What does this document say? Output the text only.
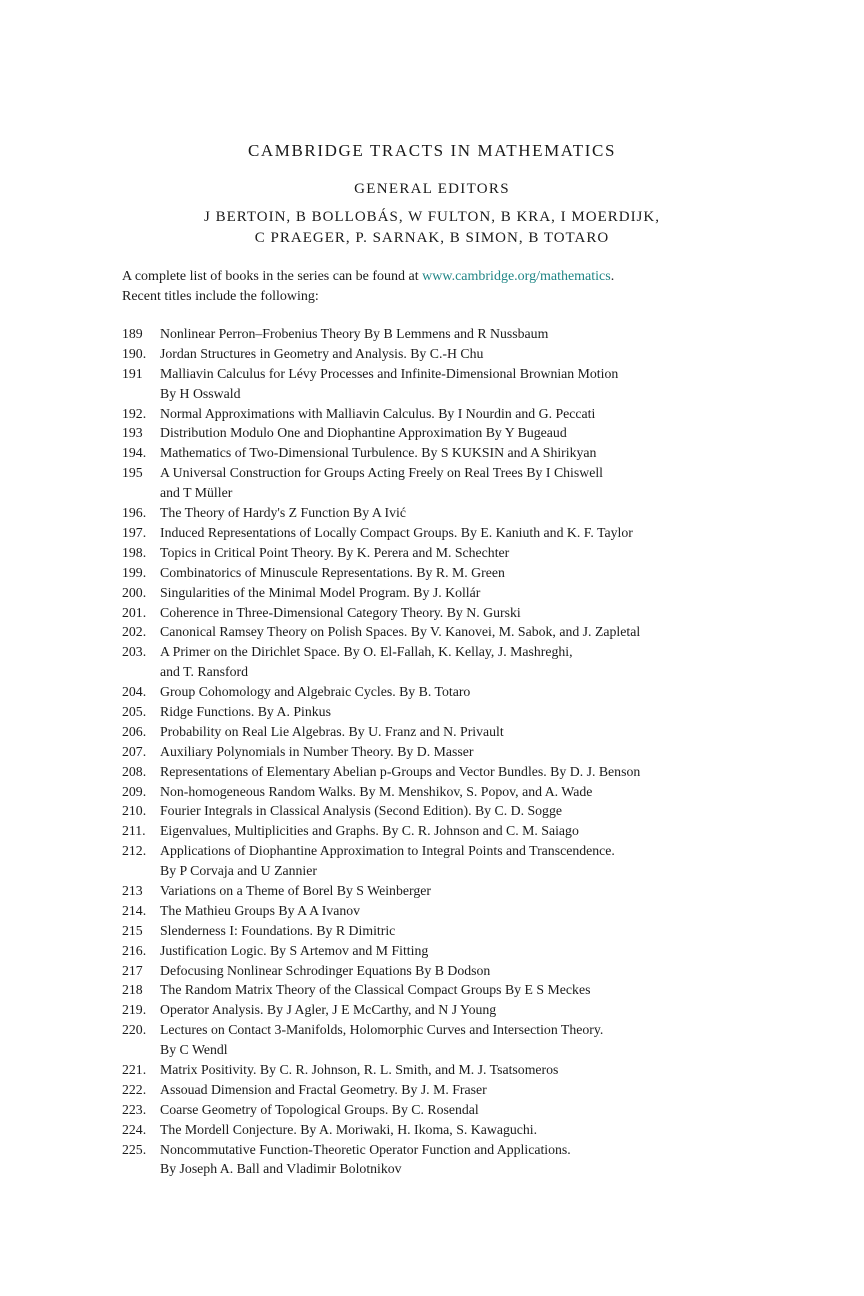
CAMBRIDGE TRACTS IN MATHEMATICS
GENERAL EDITORS
J BERTOIN, B BOLLOBÁS, W FULTON, B KRA, I MOERDIJK,
C PRAEGER, P. SARNAK, B SIMON, B TOTARO
A complete list of books in the series can be found at www.cambridge.org/mathematics.
Recent titles include the following:
189 Nonlinear Perron–Frobenius Theory By B Lemmens and R Nussbaum
190. Jordan Structures in Geometry and Analysis. By C.-H Chu
191 Malliavin Calculus for Lévy Processes and Infinite-Dimensional Brownian Motion
By H Osswald
192. Normal Approximations with Malliavin Calculus. By I Nourdin and G. Peccati
193 Distribution Modulo One and Diophantine Approximation By Y Bugeaud
194. Mathematics of Two-Dimensional Turbulence. By S KUKSIN and A Shirikyan
195 A Universal Construction for Groups Acting Freely on Real Trees By I Chiswell
and T Müller
196. The Theory of Hardy's Z Function By A Ivić
197. Induced Representations of Locally Compact Groups. By E. Kaniuth and K. F. Taylor
198. Topics in Critical Point Theory. By K. Perera and M. Schechter
199. Combinatorics of Minuscule Representations. By R. M. Green
200. Singularities of the Minimal Model Program. By J. Kollár
201. Coherence in Three-Dimensional Category Theory. By N. Gurski
202. Canonical Ramsey Theory on Polish Spaces. By V. Kanovei, M. Sabok, and J. Zapletal
203. A Primer on the Dirichlet Space. By O. El-Fallah, K. Kellay, J. Mashreghi,
and T. Ransford
204. Group Cohomology and Algebraic Cycles. By B. Totaro
205. Ridge Functions. By A. Pinkus
206. Probability on Real Lie Algebras. By U. Franz and N. Privault
207. Auxiliary Polynomials in Number Theory. By D. Masser
208. Representations of Elementary Abelian p-Groups and Vector Bundles. By D. J. Benson
209. Non-homogeneous Random Walks. By M. Menshikov, S. Popov, and A. Wade
210. Fourier Integrals in Classical Analysis (Second Edition). By C. D. Sogge
211. Eigenvalues, Multiplicities and Graphs. By C. R. Johnson and C. M. Saiago
212. Applications of Diophantine Approximation to Integral Points and Transcendence.
By P Corvaja and U Zannier
213 Variations on a Theme of Borel By S Weinberger
214. The Mathieu Groups By A A Ivanov
215 Slenderness I: Foundations. By R Dimitric
216. Justification Logic. By S Artemov and M Fitting
217 Defocusing Nonlinear Schrodinger Equations By B Dodson
218 The Random Matrix Theory of the Classical Compact Groups By E S Meckes
219. Operator Analysis. By J Agler, J E McCarthy, and N J Young
220. Lectures on Contact 3-Manifolds, Holomorphic Curves and Intersection Theory.
By C Wendl
221. Matrix Positivity. By C. R. Johnson, R. L. Smith, and M. J. Tsatsomeros
222. Assouad Dimension and Fractal Geometry. By J. M. Fraser
223. Coarse Geometry of Topological Groups. By C. Rosendal
224. The Mordell Conjecture. By A. Moriwaki, H. Ikoma, S. Kawaguchi.
225. Noncommutative Function-Theoretic Operator Function and Applications.
By Joseph A. Ball and Vladimir Bolotnikov
